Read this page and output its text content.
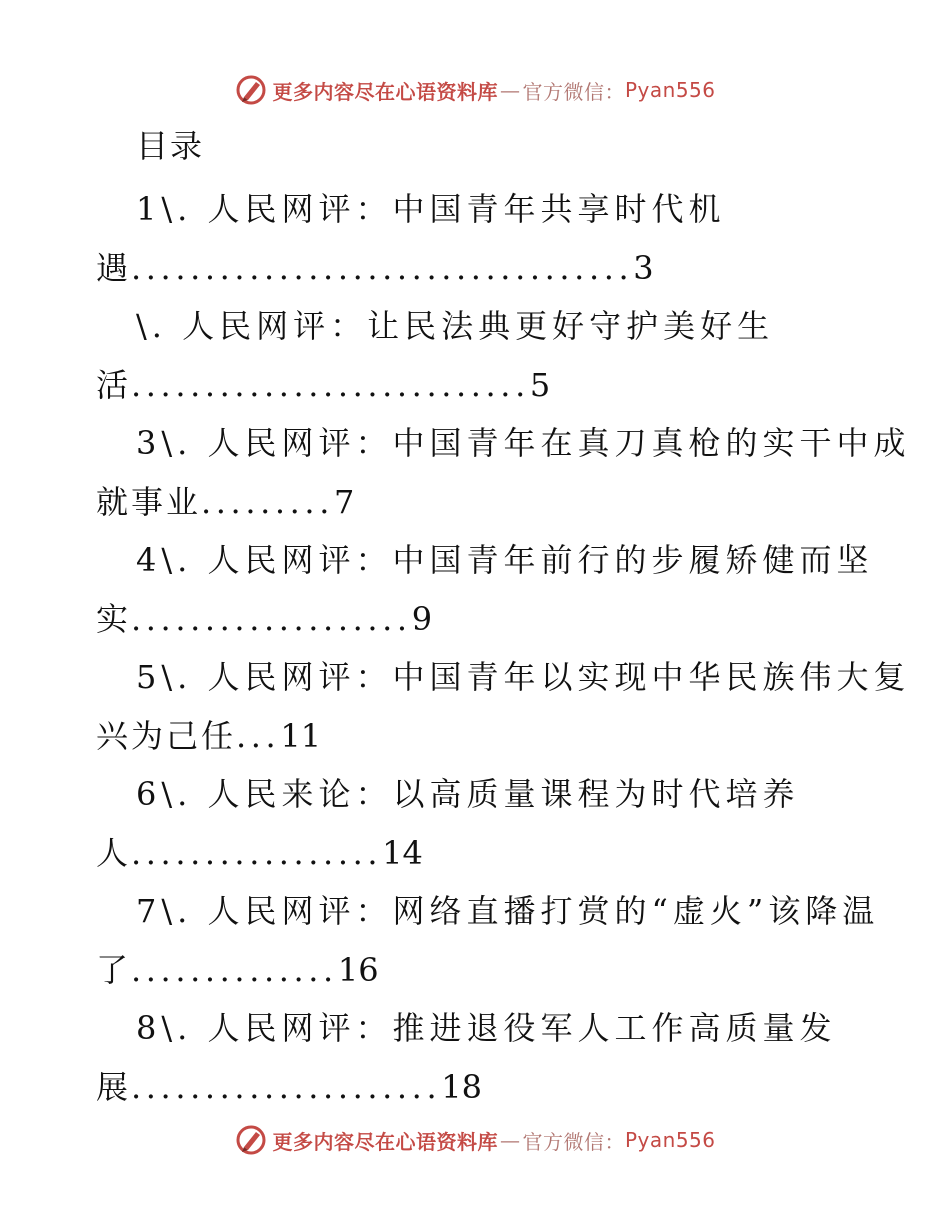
更多内容尽在心语资料库 — 官方微信： Pyan556
目录
1\. 人民网评：中国青年共享时代机
遇..................................3
\. 人民网评：让民法典更好守护美好生
活...........................5
3\. 人民网评：中国青年在真刀真枪的实干中成
就事业.........7
4\. 人民网评：中国青年前行的步履矫健而坚
实...................9
5\. 人民网评：中国青年以实现中华民族伟大复
兴为己任...11
6\. 人民来论：以高质量课程为时代培养
人.................14
7\. 人民网评：网络直播打赏的“虚火”该降温
了..............16
8\. 人民网评：推进退役军人工作高质量发
展.....................18
更多内容尽在心语资料库 — 官方微信： Pyan556
